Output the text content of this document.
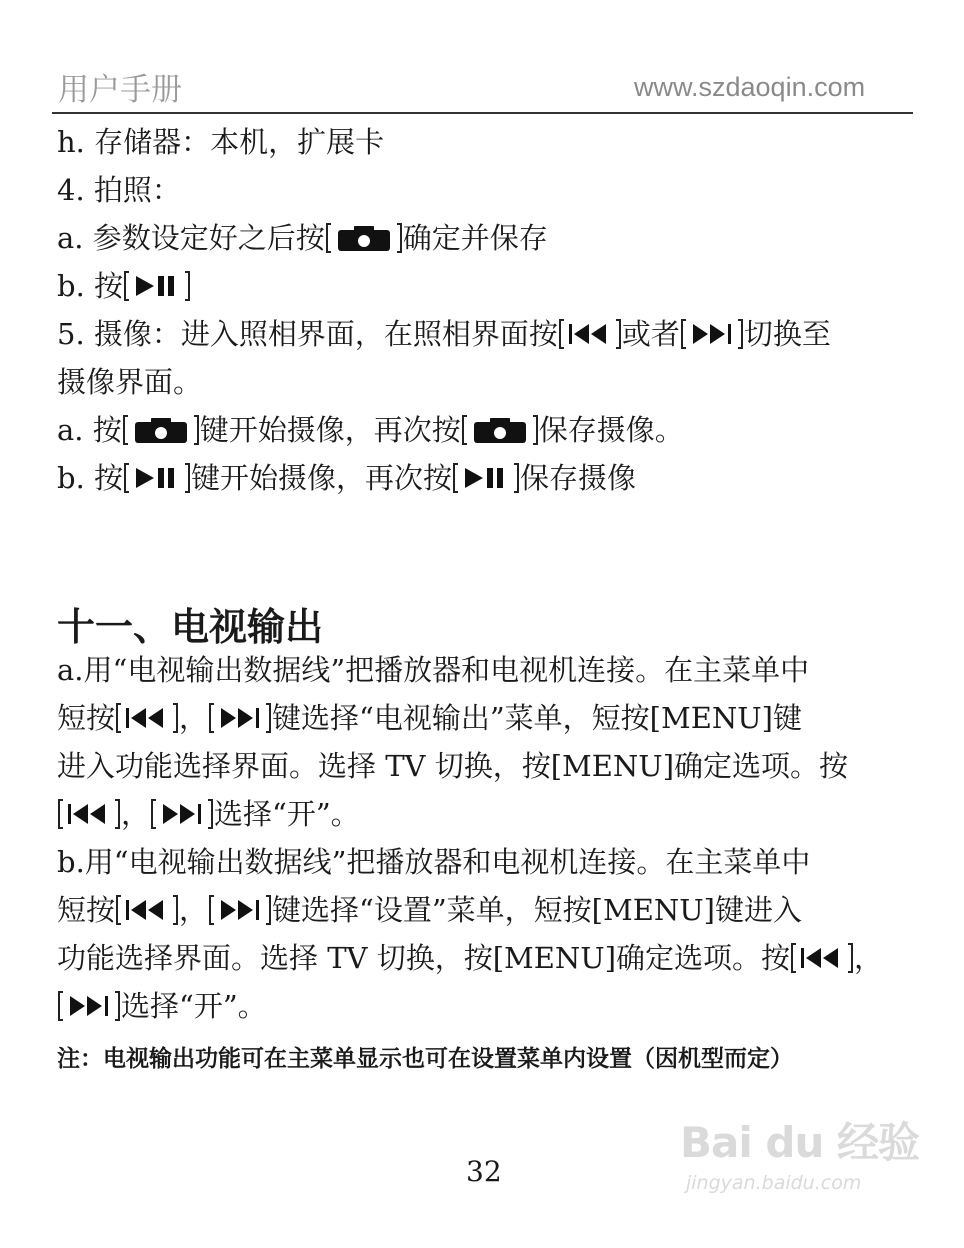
用户手册	www.szdaoqin.com
h. 存储器：本机，扩展卡
4. 拍照：
a. 参数设定好之后按	确定并保存
b. 按
5. 摄像：进入照相界面，在照相界面按 或者 切换至
摄像界面。
a. 按	键开始摄像，再次按	保存摄像。
b. 按 键开始摄像，再次按 保存摄像
十一、电视输出
a.用“电视输出数据线”把播放器和电视机连接。在主菜单中
短按 ， 键选择“电视输出”菜单，短按[MENU]键
进入功能选择界面。选择 TV 切换，按[MENU]确定选项。按
， 选择“开”。
b.用“电视输出数据线”把播放器和电视机连接。在主菜单中
短按 ， 键选择“设置”菜单，短按[MENU]键进入
功能选择界面。选择 TV 切换，按[MENU]确定选项。按 ，
选择“开”。
注：电视输出功能可在主菜单显示也可在设置菜单内设置（因机型而定）
32
Bai du 经验
jingyan.baidu.com
